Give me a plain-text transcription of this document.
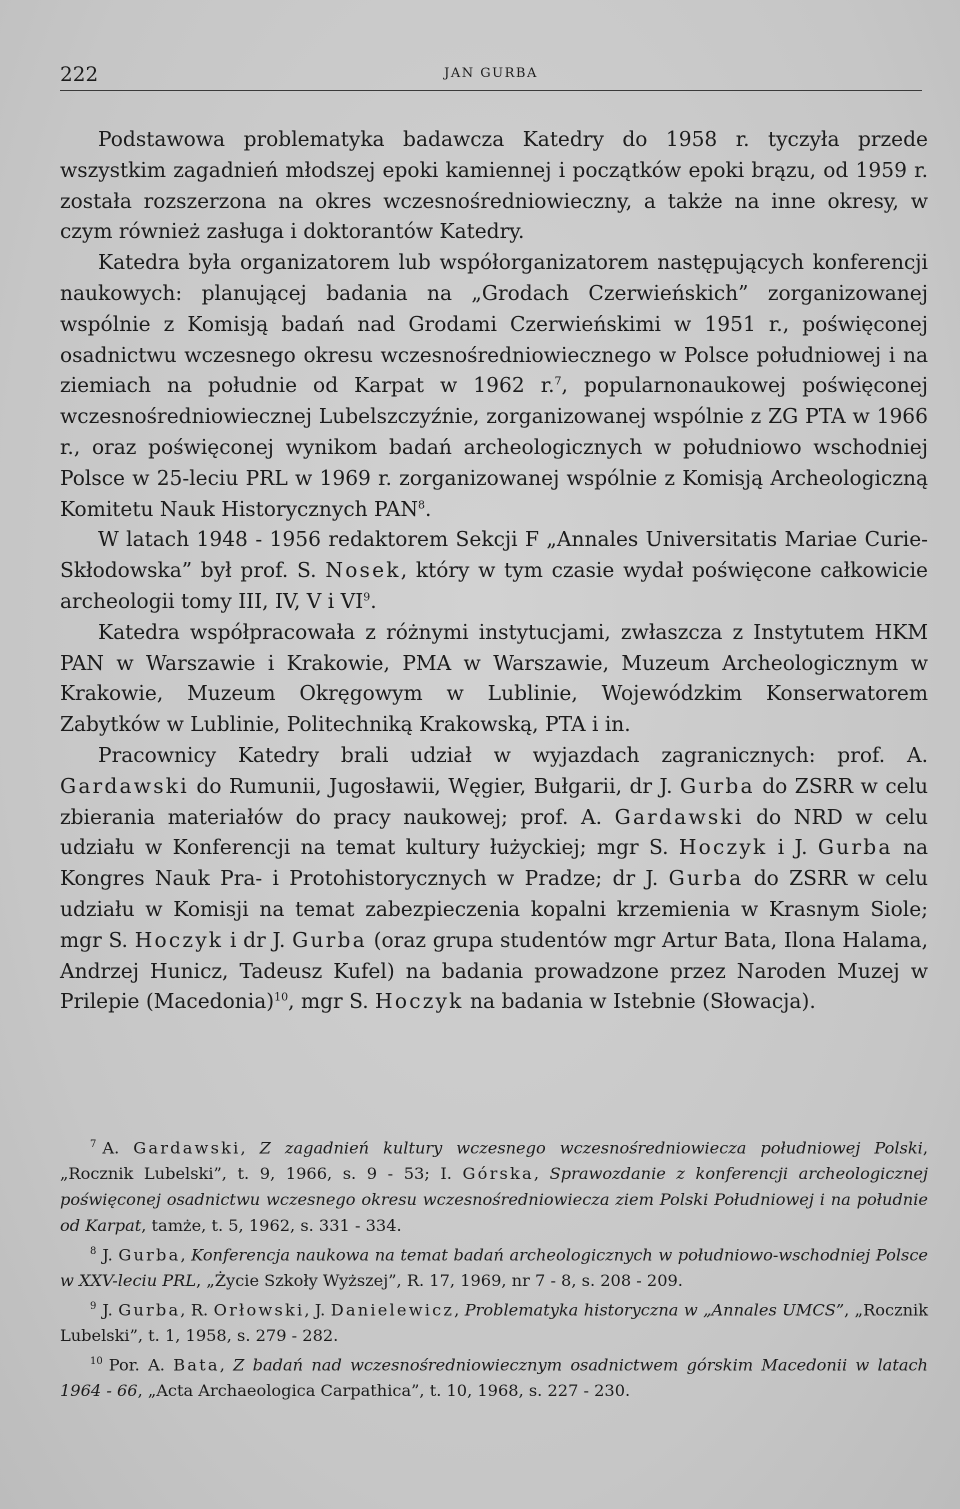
222	JAN GURBA

Podstawowa problematyka badawcza Katedry do 1958 r. tyczyła przede wszystkim zagadnień młodszej epoki kamiennej i początków epoki brązu, od 1959 r. została rozszerzona na okres wczesnośredniowieczny, a także na inne okresy, w czym również zasługa i doktorantów Katedry.

Katedra była organizatorem lub współorganizatorem następujących konferencji naukowych: planującej badania na „Grodach Czerwieńskich” zorganizowanej wspólnie z Komisją badań nad Grodami Czerwieńskimi w 1951 r., poświęconej osadnictwu wczesnego okresu wczesnośredniowiecznego w Polsce południowej i na ziemiach na południe od Karpat w 1962 r.$^7$, popularnonaukowej poświęconej wczesnośredniowiecznej Lubelszczyźnie, zorganizowanej wspólnie z ZG PTA w 1966 r., oraz poświęconej wynikom badań archeologicznych w południowo wschodniej Polsce w 25-leciu PRL w 1969 r. zorganizowanej wspólnie z Komisją Archeologiczną Komitetu Nauk Historycznych PAN$^8$.

W latach 1948 - 1956 redaktorem Sekcji F „Annales Universitatis Mariae Curie-Skłodowska” był prof. S. Nosek, który w tym czasie wydał poświęcone całkowicie archeologii tomy III, IV, V i $VI^9$.

Katedra współpracowała z różnymi instytucjami, zwłaszcza z Instytutem HKM PAN w Warszawie i Krakowie, PMA w Warszawie, Muzeum Archeologicznym w Krakowie, Muzeum Okręgowym w Lublinie, Wojewódzkim Konserwatorem Zabytków w Lublinie, Politechniką Krakowską, PTA i in.

Pracownicy Katedry brali udział w wyjazdach zagranicznych: prof. A. Gardawski do Rumunii, Jugosławii, Węgier, Bułgarii, dr J. Gurba do ZSRR w celu zbierania materiałów do pracy naukowej; prof. A. Gardawski do NRD w celu udziału w Konferencji na temat kultury łużyckiej; mgr S. Hoczyk i J. Gurba na Kongres Nauk Pra- i Protohistorycznych w Pradze; dr J. Gurba do ZSRR w celu udziału w Komisji na temat zabezpieczenia kopalni krzemienia w Krasnym Siole; mgr S. Hoczyk i dr J. Gurba (oraz grupa studentów mgr Artur Bata, Ilona Halama, Andrzej Hunicz, Tadeusz Kufel) na badania prowadzone przez Naroden Muzej w Prilepie (Macedonia)$^{10}$, mgr S. Hoczyk na badania w Istebnie (Słowacja).

$^7$ A. Gardawski, Z zagadnień kultury wczesnego wczesnośredniowiecza południowej Polski, „Rocznik Lubelski”, t. 9, 1966, s. 9 - 53; I. Górska, Sprawozdanie z konferencji archeologicznej poświęconej osadnictwu wczesnego okresu wczesnośredniowiecza ziem Polski Południowej i na południe od Karpat, tamże, t. 5, 1962, s. 331 - 334.

$^8$ J. Gurba, Konferencja naukowa na temat badań archeologicznych w południowo-wschodniej Polsce w XXV-leciu PRL, „Życie Szkoły Wyższej”, R. 17, 1969, nr 7 - 8, s. 208 - 209.

$^9$ J. Gurba, R. Orłowski, J. Danielewicz, Problematyka historyczna w „Annales UMCS”, „Rocznik Lubelski”, t. 1, 1958, s. 279 - 282.

$^{10}$ Por. A. Bata, Z badań nad wczesnośredniowiecznym osadnictwem górskim Macedonii w latach 1964 - 66, „Acta Archaeologica Carpathica”, t. 10, 1968, s. 227 - 230.
